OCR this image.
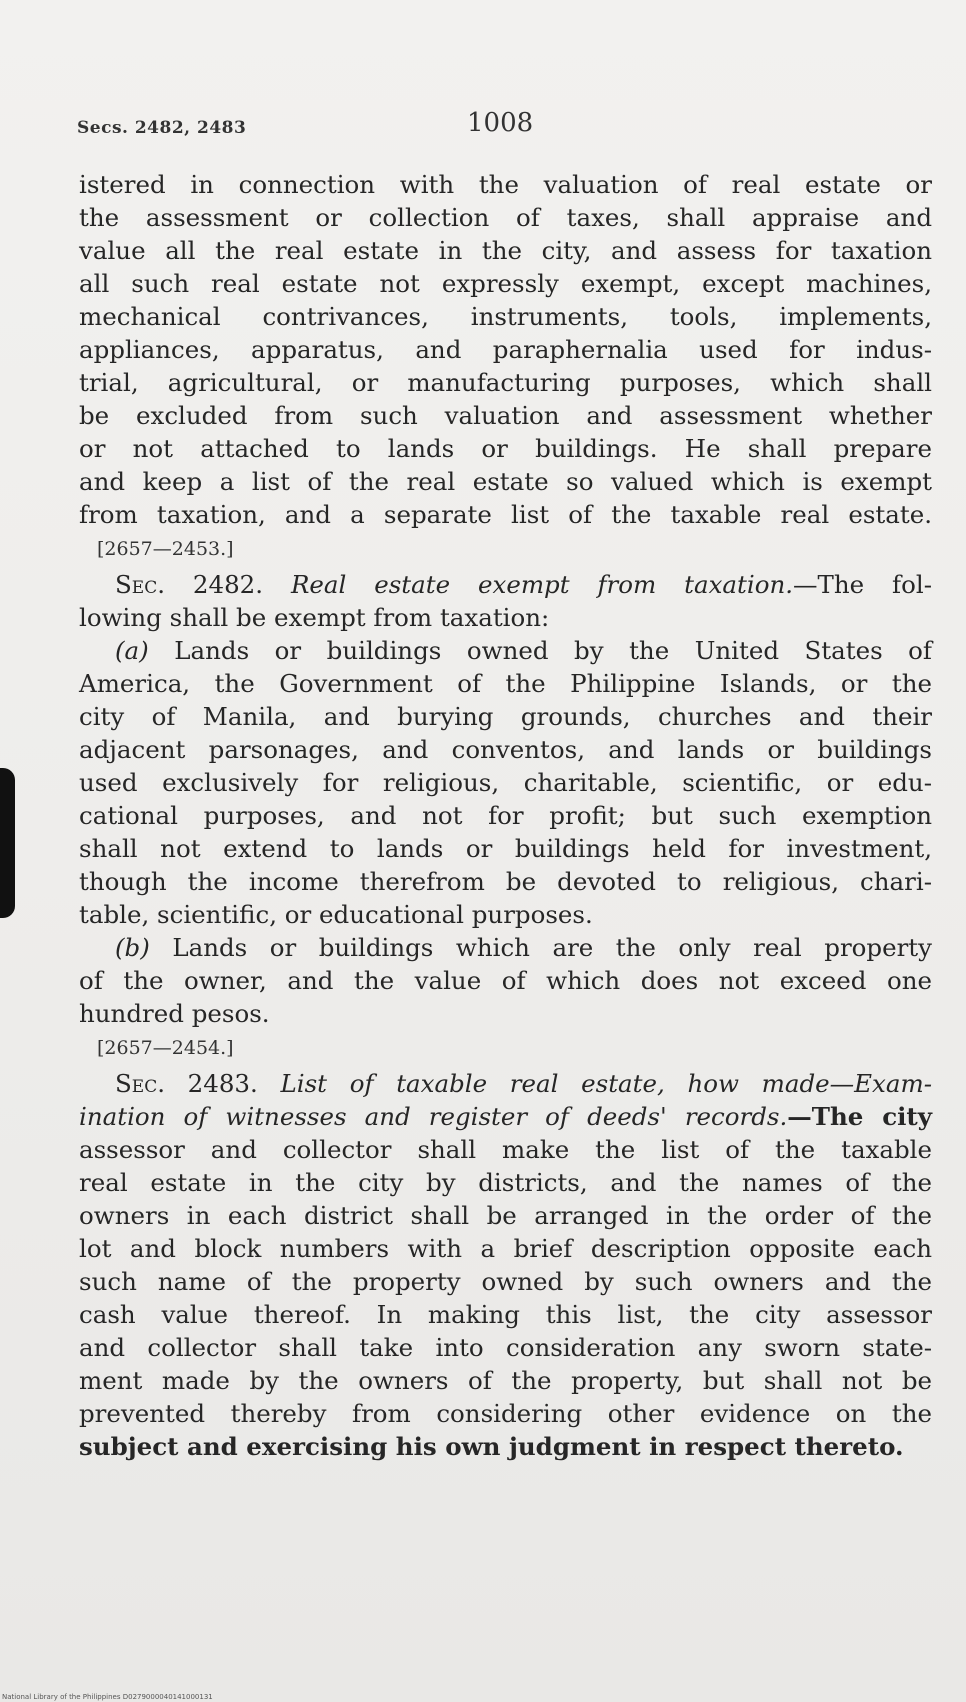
Secs. 2482, 2483	1008
istered in connection with the valuation of real estate or
the assessment or collection of taxes, shall appraise and
value all the real estate in the city, and assess for taxation
all such real estate not expressly exempt, except machines,
mechanical contrivances, instruments, tools, implements,
appliances, apparatus, and paraphernalia used for indus-
trial, agricultural, or manufacturing purposes, which shall
be excluded from such valuation and assessment whether
or not attached to lands or buildings. He shall prepare
and keep a list of the real estate so valued which is exempt
from taxation, and a separate list of the taxable real estate.
[2657—2453.]
Sec. 2482. Real estate exempt from taxation.—The fol-
lowing shall be exempt from taxation:
(a) Lands or buildings owned by the United States of
America, the Government of the Philippine Islands, or the
city of Manila, and burying grounds, churches and their
adjacent parsonages, and conventos, and lands or buildings
used exclusively for religious, charitable, scientific, or edu-
cational purposes, and not for profit; but such exemption
shall not extend to lands or buildings held for investment,
though the income therefrom be devoted to religious, chari-
table, scientific, or educational purposes.
(b) Lands or buildings which are the only real property
of the owner, and the value of which does not exceed one
hundred pesos.
[2657—2454.]
Sec. 2483. List of taxable real estate, how made—Exam-
ination of witnesses and register of deeds' records.—The city
assessor and collector shall make the list of the taxable
real estate in the city by districts, and the names of the
owners in each district shall be arranged in the order of the
lot and block numbers with a brief description opposite each
such name of the property owned by such owners and the
cash value thereof. In making this list, the city assessor
and collector shall take into consideration any sworn state-
ment made by the owners of the property, but shall not be
prevented thereby from considering other evidence on the
subject and exercising his own judgment in respect thereto.
National Library of the Philippines D0279000040141000131
